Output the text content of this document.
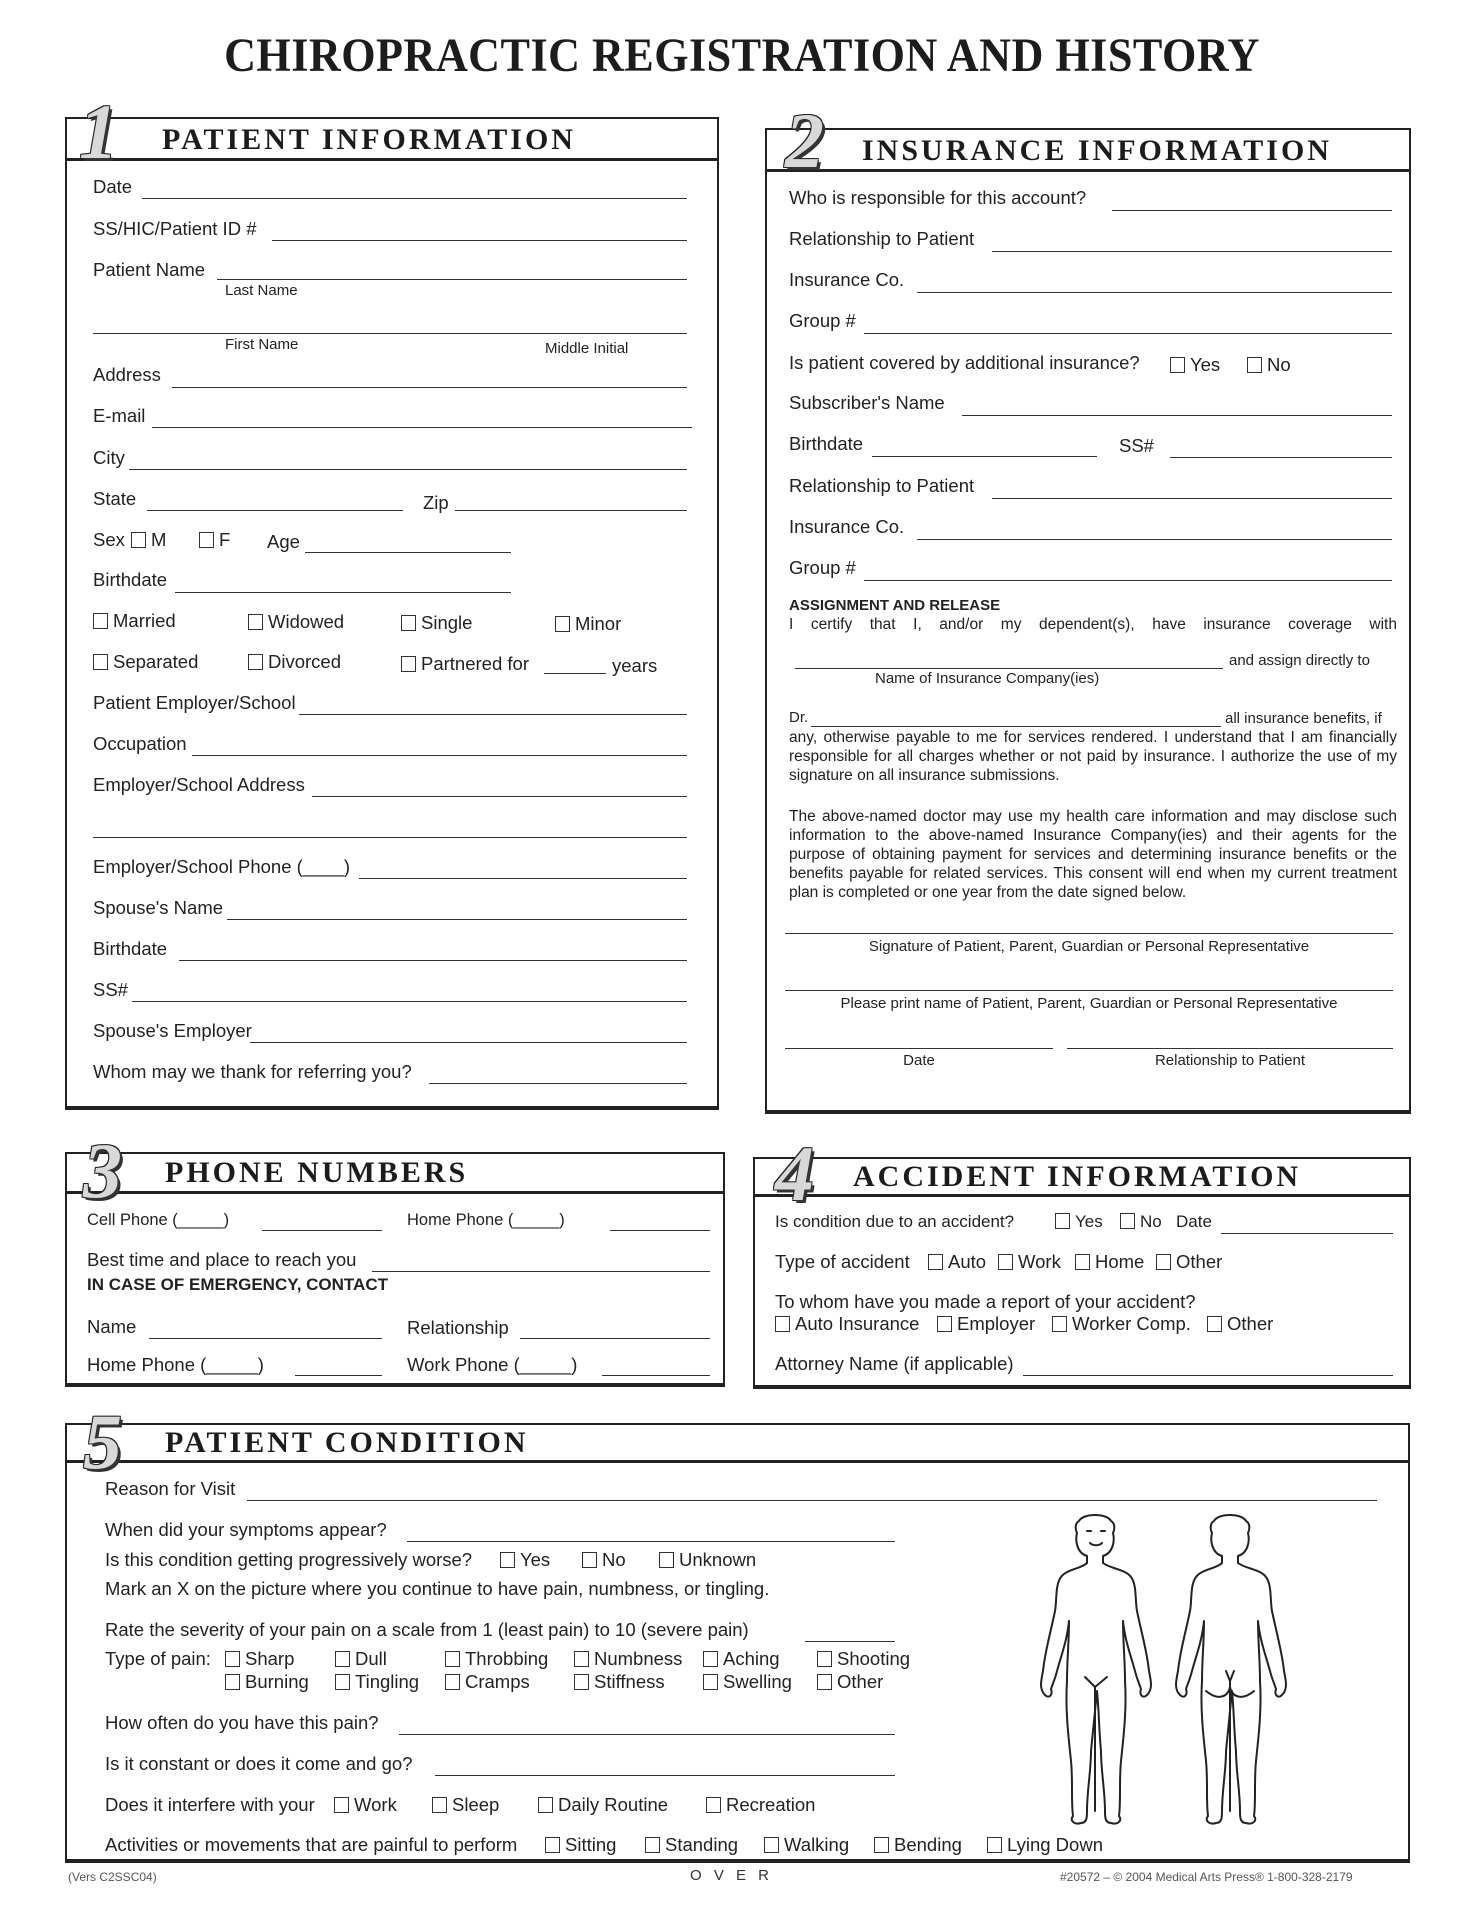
CHIROPRACTIC REGISTRATION AND HISTORY
PATIENT INFORMATION
1
Date
SS/HIC/Patient ID #
Patient Name
Last Name
First Name	Middle Initial
Address
E-mail
City
State	Zip
Sex	M	F Age
Birthdate
Married	Widowed	Single	Minor
Separated	Divorced	Partnered for	years
Patient Employer/School
Occupation
Employer/School Address
Employer/School Phone (____)
Spouse's Name
Birthdate
SS#
Spouse's Employer
Whom may we thank for referring you?
INSURANCE INFORMATION
2
Who is responsible for this account?
Relationship to Patient
Insurance Co.
Group #
Is patient covered by additional insurance?	Yes	No
Subscriber's Name
Birthdate	SS#
Relationship to Patient
Insurance Co.
Group #
ASSIGNMENT AND RELEASE
I certify that I, and/or my dependent(s), have insurance coverage with
and assign directly to
Name of Insurance Company(ies)
Dr.	all insurance benefits, if
any, otherwise payable to me for services rendered. I understand that I am financially responsible for all charges whether or not paid by insurance. I authorize the use of my signature on all insurance submissions.
The above-named doctor may use my health care information and may disclose such information to the above-named Insurance Company(ies) and their agents for the purpose of obtaining payment for services and determining insurance benefits or the benefits payable for related services. This consent will end when my current treatment plan is completed or one year from the date signed below.
Signature of Patient, Parent, Guardian or Personal Representative
Please print name of Patient, Parent, Guardian or Personal Representative
Date	Relationship to Patient
PHONE NUMBERS
3
Cell Phone (_____)	Home Phone (_____)
Best time and place to reach you
IN CASE OF EMERGENCY, CONTACT
Name	Relationship
Home Phone (_____)	Work Phone (_____)
ACCIDENT INFORMATION
4
Is condition due to an accident?	Yes	No Date
Type of accident	Auto	Work	Home	Other
To whom have you made a report of your accident?
Auto Insurance	Employer	Worker Comp.	Other
Attorney Name (if applicable)
PATIENT CONDITION
5
Reason for Visit
When did your symptoms appear?
Is this condition getting progressively worse?	Yes	No	Unknown
Mark an X on the picture where you continue to have pain, numbness, or tingling.
Rate the severity of your pain on a scale from 1 (least pain) to 10 (severe pain)
Type of pain:	Sharp	Dull	Throbbing	Numbness	Aching	Shooting
Burning	Tingling	Cramps	Stiffness	Swelling	Other
How often do you have this pain?
Is it constant or does it come and go?
Does it interfere with your	Work	Sleep	Daily Routine	Recreation
Activities or movements that are painful to perform	Sitting	Standing	Walking	Bending	Lying Down
(Vers C2SSC04)	O V E R	#20572 – © 2004 Medical Arts Press® 1-800-328-2179
